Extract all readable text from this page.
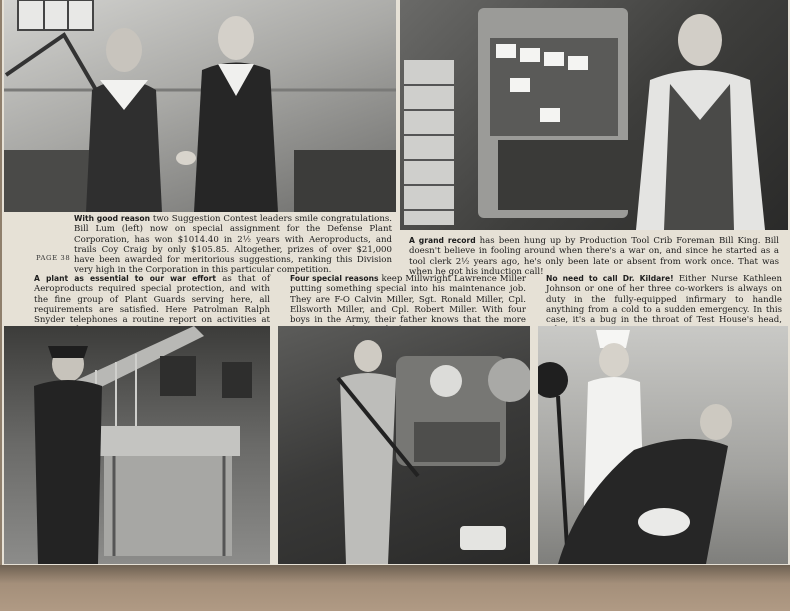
PAGE 38
With good reason two Suggestion Contest leaders smile congratulations. Bill Lum (left) now on special assignment for the Defense Plant Corporation, has won $1014.40 in 2½ years with Aeroproducts, and trails Coy Craig by only $105.85. Altogether, prizes of over $21,000 have been awarded for meritorious suggestions, ranking this Division very high in the Corporation in this particular competition.
A grand record has been hung up by Production Tool Crib Foreman Bill King. Bill doesn't believe in fooling around when there's a war on, and since he started as a tool clerk 2½ years ago, he's only been late or absent from work once. That was when he got his induction call!
A plant as essential to our war effort as that of Aeroproducts required special protection, and with the fine group of Plant Guards serving here, all requirements are satisfied. Here Patrolman Ralph Snyder telephones a routine report on activities at
Four special reasons keep Millwright Lawrence Miller putting something special into his maintenance job. They are F-O Calvin Miller, Sgt. Ronald Miller, Cpl. Ellsworth Miller, and Cpl. Robert Miller. With four boys in the Army, their father knows that the more
No need to call Dr. Kildare! Either Nurse Kathleen Johnson or one of her three co-workers is always on duty in the fully-equipped infirmary to handle anything from a cold to a sudden emergency. In this case, it's a bug in the throat of Test House's head,
